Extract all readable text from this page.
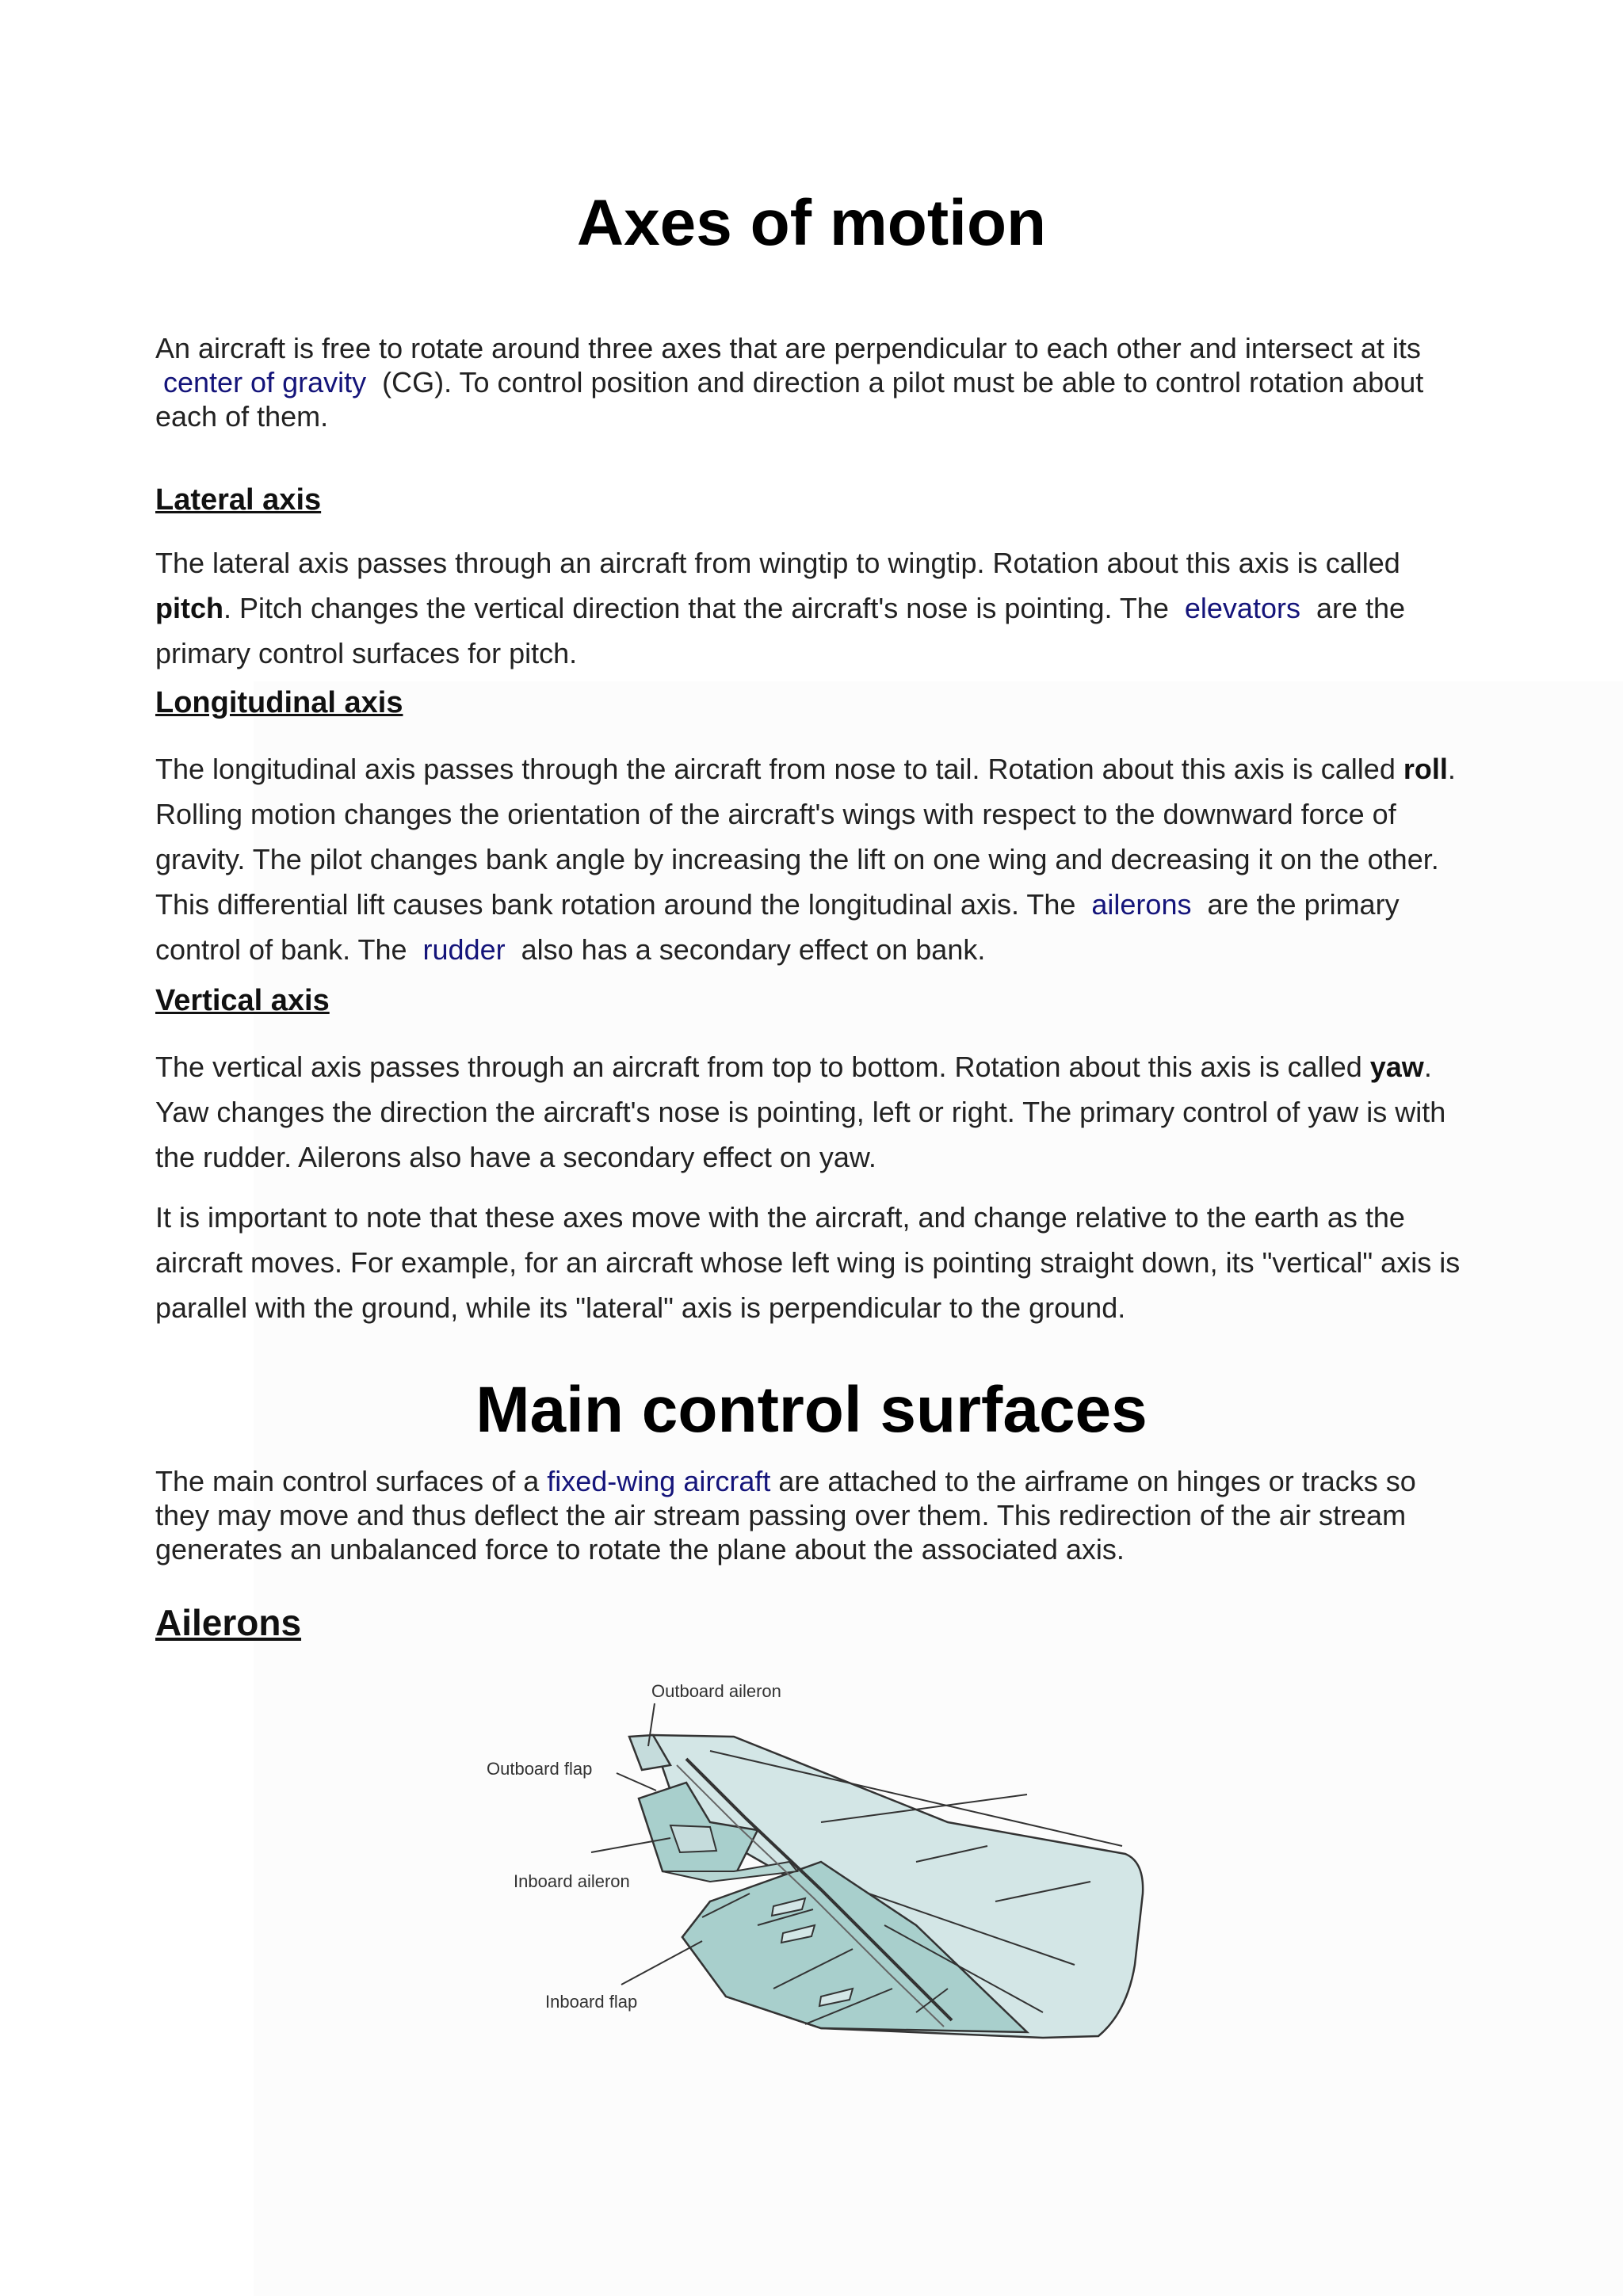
Axes of motion

An aircraft is free to rotate around three axes that are perpendicular to each other and intersect at its center of gravity (CG). To control position and direction a pilot must be able to control rotation about each of them.

Lateral axis

The lateral axis passes through an aircraft from wingtip to wingtip. Rotation about this axis is called   pitch. Pitch changes the vertical direction that the aircraft's nose is pointing. The elevators are the primary control surfaces for pitch.

Longitudinal axis

The longitudinal axis passes through the aircraft from nose to tail. Rotation about this axis is called roll. Rolling motion changes the orientation of the aircraft's wings with respect to the downward force of gravity. The pilot changes bank angle by increasing the lift on one wing and decreasing it on the other. This differential lift causes bank rotation around the longitudinal axis. The ailerons are the primary control of bank. The rudder also has a secondary effect on bank.

Vertical axis

The vertical axis passes through an aircraft from top to bottom. Rotation about this axis is called yaw. Yaw changes the direction the aircraft's nose is pointing, left or right. The primary control of yaw is with the rudder. Ailerons also have a secondary effect on yaw.

It is important to note that these axes move with the aircraft, and change relative to the earth as the aircraft moves. For example, for an aircraft whose left wing is pointing straight down, its "vertical" axis is parallel with the ground, while its "lateral" axis is perpendicular to the ground.

Main control surfaces

The main control surfaces of a fixed-wing aircraft are attached to the airframe on hinges or tracks so they may move and thus deflect the air stream passing over them. This redirection of the air stream generates an unbalanced force to rotate the plane about the associated axis.

Ailerons
Outboard aileron
Outboard flap
Inboard aileron
Inboard flap
